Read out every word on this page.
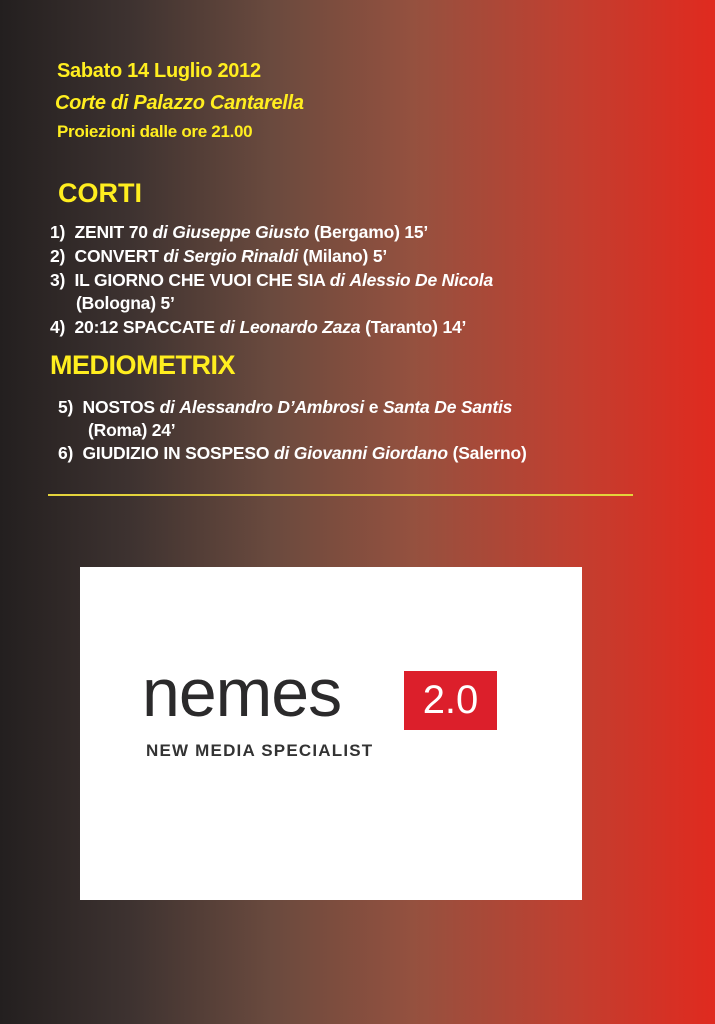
Sabato 14 Luglio 2012
Corte di Palazzo Cantarella
Proiezioni dalle ore 21.00
CORTI
1) ZENIT 70 di Giuseppe Giusto (Bergamo) 15’
2) CONVERT di Sergio Rinaldi (Milano) 5’
3) IL GIORNO CHE VUOI CHE SIA di Alessio De Nicola
(Bologna) 5’
4) 20:12 SPACCATE di Leonardo Zaza (Taranto) 14’
MEDIOMETRIX
5) NOSTOS di Alessandro D’Ambrosi e Santa De Santis
(Roma) 24’
6) GIUDIZIO IN SOSPESO di Giovanni Giordano (Salerno)
nemes	2.0
NEW MEDIA SPECIALIST
